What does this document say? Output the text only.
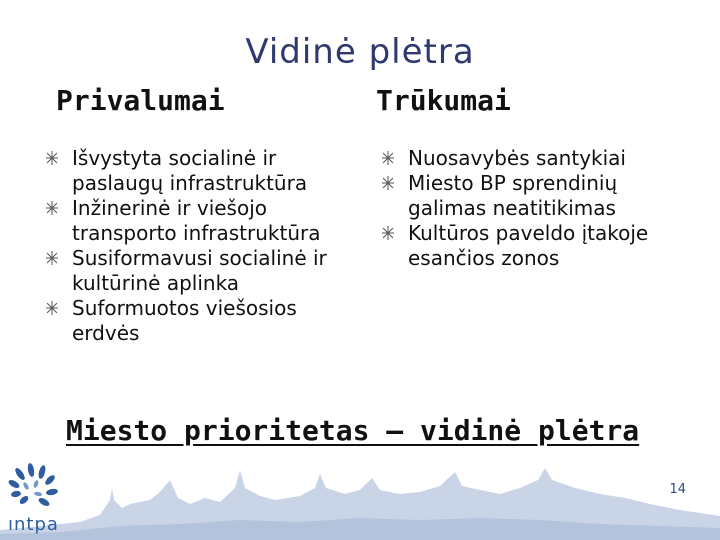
Vidinė plėtra
Privalumai	Trūkumai
Išvystyta socialinė ir paslaugų infrastruktūra
Inžinerinė ir viešojo transporto infrastruktūra
Susiformavusi socialinė ir kultūrinė aplinka
Suformuotos viešosios erdvės
Nuosavybės santykiai
Miesto BP sprendinių galimas neatitikimas
Kultūros paveldo įtakoje esančios zonos
Miesto prioritetas – vidinė plėtra
ıntpa
14
